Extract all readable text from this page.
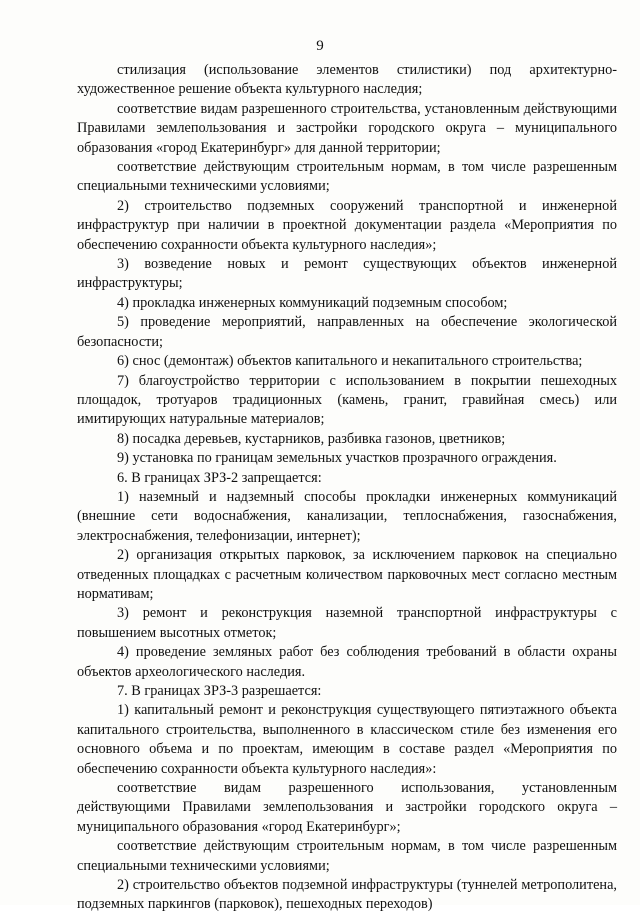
9

стилизация (использование элементов стилистики) под архитектурно-художественное решение объекта культурного наследия;

соответствие видам разрешенного строительства, установленным действующими Правилами землепользования и застройки городского округа – муниципального образования «город Екатеринбург» для данной территории;

соответствие действующим строительным нормам, в том числе разрешенным специальными техническими условиями;

2) строительство подземных сооружений транспортной и инженерной инфраструктур при наличии в проектной документации раздела «Мероприятия по обеспечению сохранности объекта культурного наследия»;

3) возведение новых и ремонт существующих объектов инженерной инфраструктуры;

4) прокладка инженерных коммуникаций подземным способом;

5) проведение мероприятий, направленных на обеспечение экологической безопасности;

6) снос (демонтаж) объектов капитального и некапитального строительства;

7) благоустройство территории с использованием в покрытии пешеходных площадок, тротуаров традиционных (камень, гранит, гравийная смесь) или имитирующих натуральные материалов;

8) посадка деревьев, кустарников, разбивка газонов, цветников;

9) установка по границам земельных участков прозрачного ограждения.

6. В границах ЗРЗ-2 запрещается:

1) наземный и надземный способы прокладки инженерных коммуникаций (внешние сети водоснабжения, канализации, теплоснабжения, газоснабжения, электроснабжения, телефонизации, интернет);

2) организация открытых парковок, за исключением парковок на специально отведенных площадках с расчетным количеством парковочных мест согласно местным нормативам;

3) ремонт и реконструкция наземной транспортной инфраструктуры с повышением высотных отметок;

4) проведение земляных работ без соблюдения требований в области охраны объектов археологического наследия.

7. В границах ЗРЗ-3 разрешается:

1) капитальный ремонт и реконструкция существующего пятиэтажного объекта капитального строительства, выполненного в классическом стиле без изменения его основного объема и по проектам, имеющим в составе раздел «Мероприятия по обеспечению сохранности объекта культурного наследия»:

соответствие видам разрешенного использования, установленным действующими Правилами землепользования и застройки городского округа – муниципального образования «город Екатеринбург»;

соответствие действующим строительным нормам, в том числе разрешенным специальными техническими условиями;

2) строительство объектов подземной инфраструктуры (туннелей метрополитена, подземных паркингов (парковок), пешеходных переходов)
